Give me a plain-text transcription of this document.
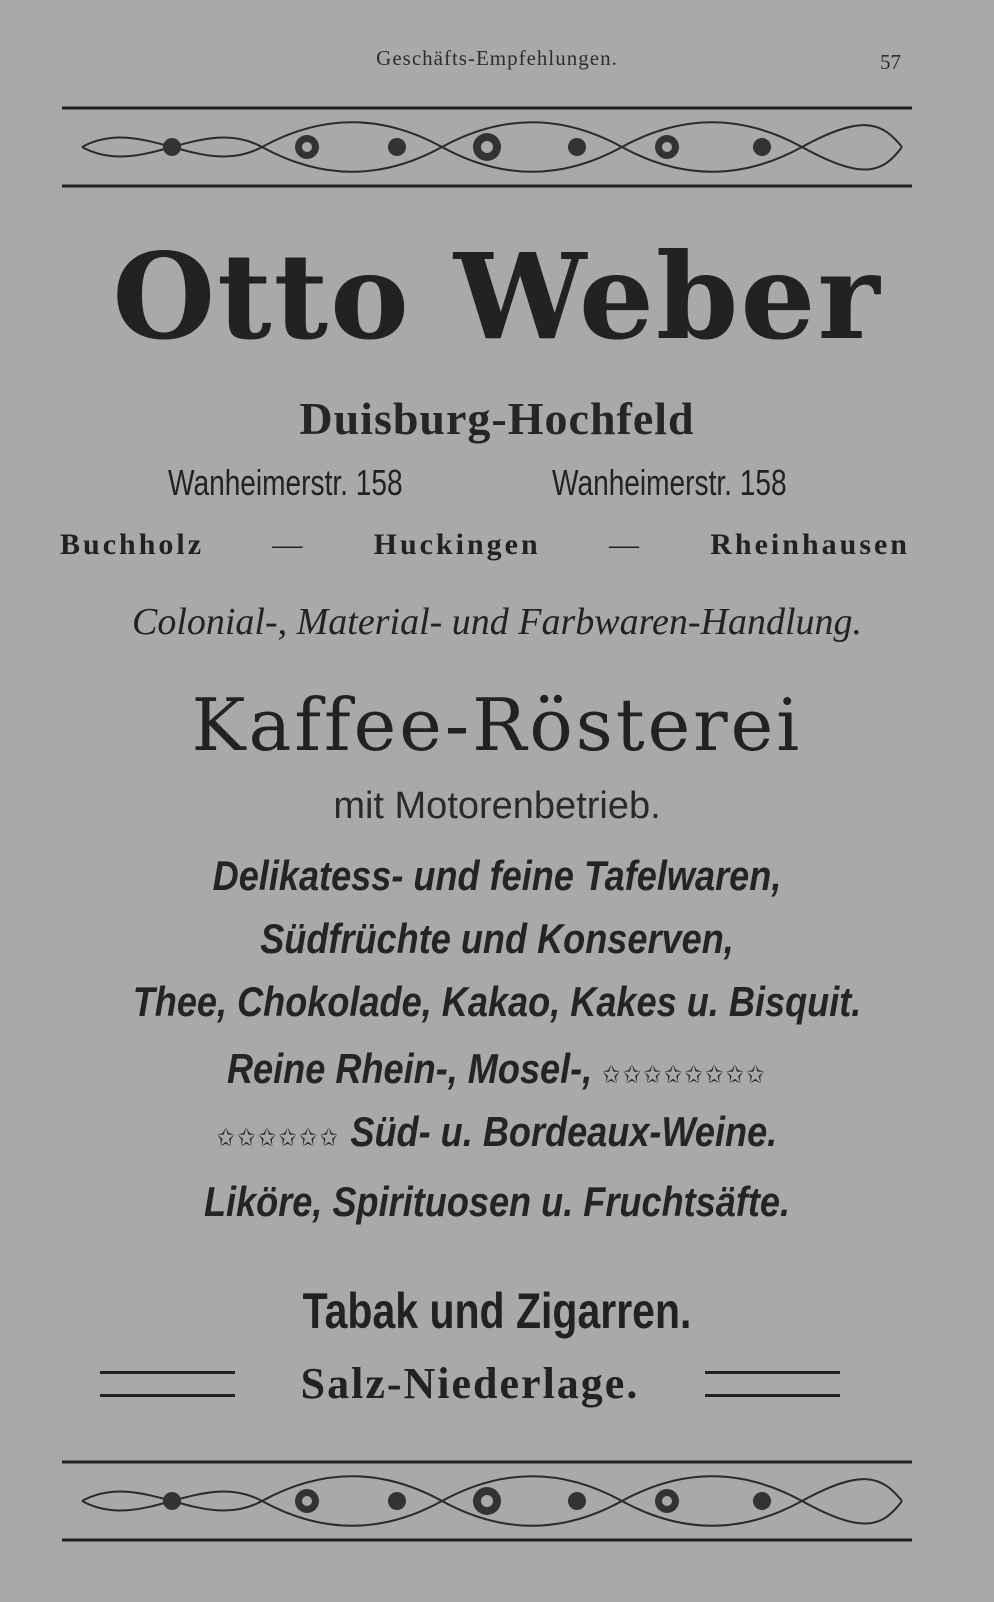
Geschäfts-Empfehlungen.	57
Otto Weber
Duisburg-Hochfeld
Wanheimerstr. 158	Wanheimerstr. 158
Buchholz — Huckingen — Rheinhausen
Colonial-, Material- und Farbwaren-Handlung.
Kaffee-Rösterei
mit Motorenbetrieb.
Delikatess- und feine Tafelwaren,
Südfrüchte und Konserven,
Thee, Chokolade, Kakao, Kakes u. Bisquit.
Reine Rhein-, Mosel-, ✩✩✩✩✩✩✩✩
✩✩✩✩✩✩ Süd- u. Bordeaux-Weine.
Liköre, Spirituosen u. Fruchtsäfte.
Tabak und Zigarren.
Salz-Niederlage.
